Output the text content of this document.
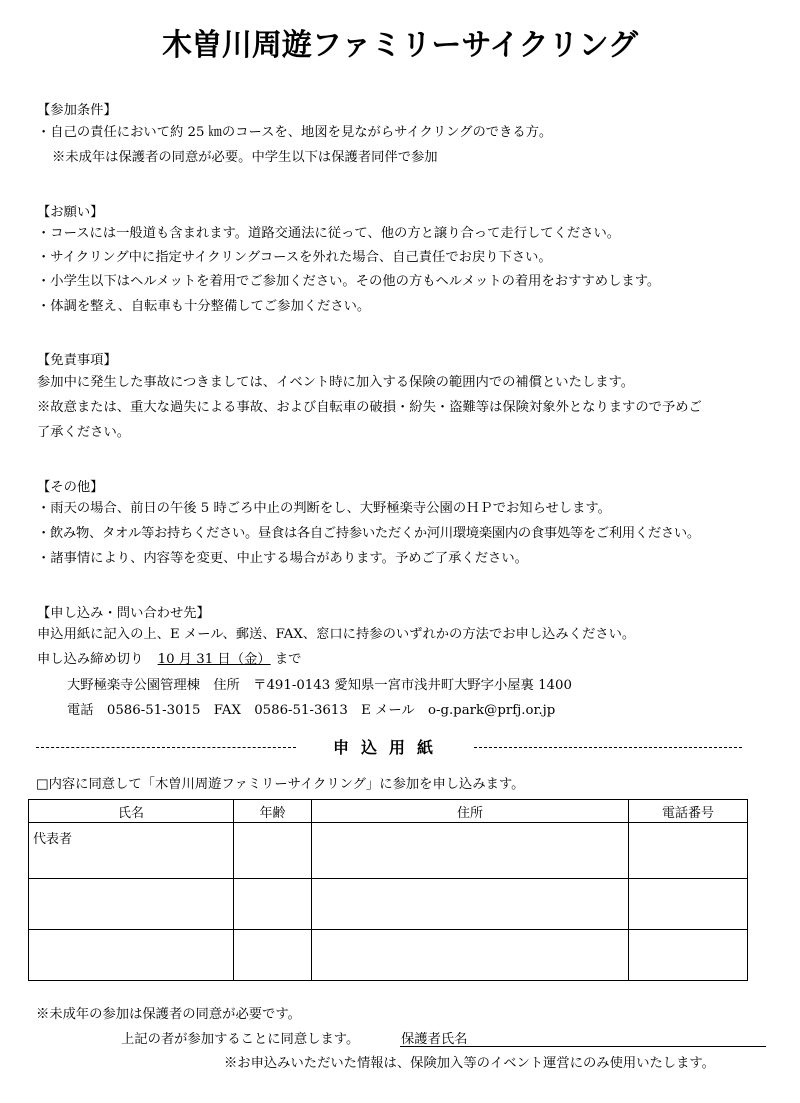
木曽川周遊ファミリーサイクリング
【参加条件】
・自己の責任において約 25 ㎞のコースを、地図を見ながらサイクリングのできる方。
※未成年は保護者の同意が必要。中学生以下は保護者同伴で参加
【お願い】
・コースには一般道も含まれます。道路交通法に従って、他の方と譲り合って走行してください。
・サイクリング中に指定サイクリングコースを外れた場合、自己責任でお戻り下さい。
・小学生以下はヘルメットを着用でご参加ください。その他の方もヘルメットの着用をおすすめします。
・体調を整え、自転車も十分整備してご参加ください。
【免責事項】
参加中に発生した事故につきましては、イベント時に加入する保険の範囲内での補償といたします。
※故意または、重大な過失による事故、および自転車の破損・紛失・盗難等は保険対象外となりますので予めご
了承ください。
【その他】
・雨天の場合、前日の午後 5 時ごろ中止の判断をし、大野極楽寺公園のＨＰでお知らせします。
・飲み物、タオル等お持ちください。昼食は各自ご持参いただくか河川環境楽園内の食事処等をご利用ください。
・諸事情により、内容等を変更、中止する場合があります。予めご了承ください。
【申し込み・問い合わせ先】
申込用紙に記入の上、E メール、郵送、FAX、窓口に持参のいずれかの方法でお申し込みください。
申し込み締め切り 10 月 31 日（金） まで
大野極楽寺公園管理棟　住所　〒491-0143 愛知県一宮市浅井町大野字小屋裏 1400
電話　0586-51-3015　FAX　0586-51-3613　E メール　o-g.park@prfj.or.jp
申込用紙
□内容に同意して「木曽川周遊ファミリーサイクリング」に参加を申し込みます。
氏名	年齢	住所	電話番号
代表者			

※未成年の参加は保護者の同意が必要です。
上記の者が参加することに同意します。	保護者氏名
※お申込みいただいた情報は、保険加入等のイベント運営にのみ使用いたします。
